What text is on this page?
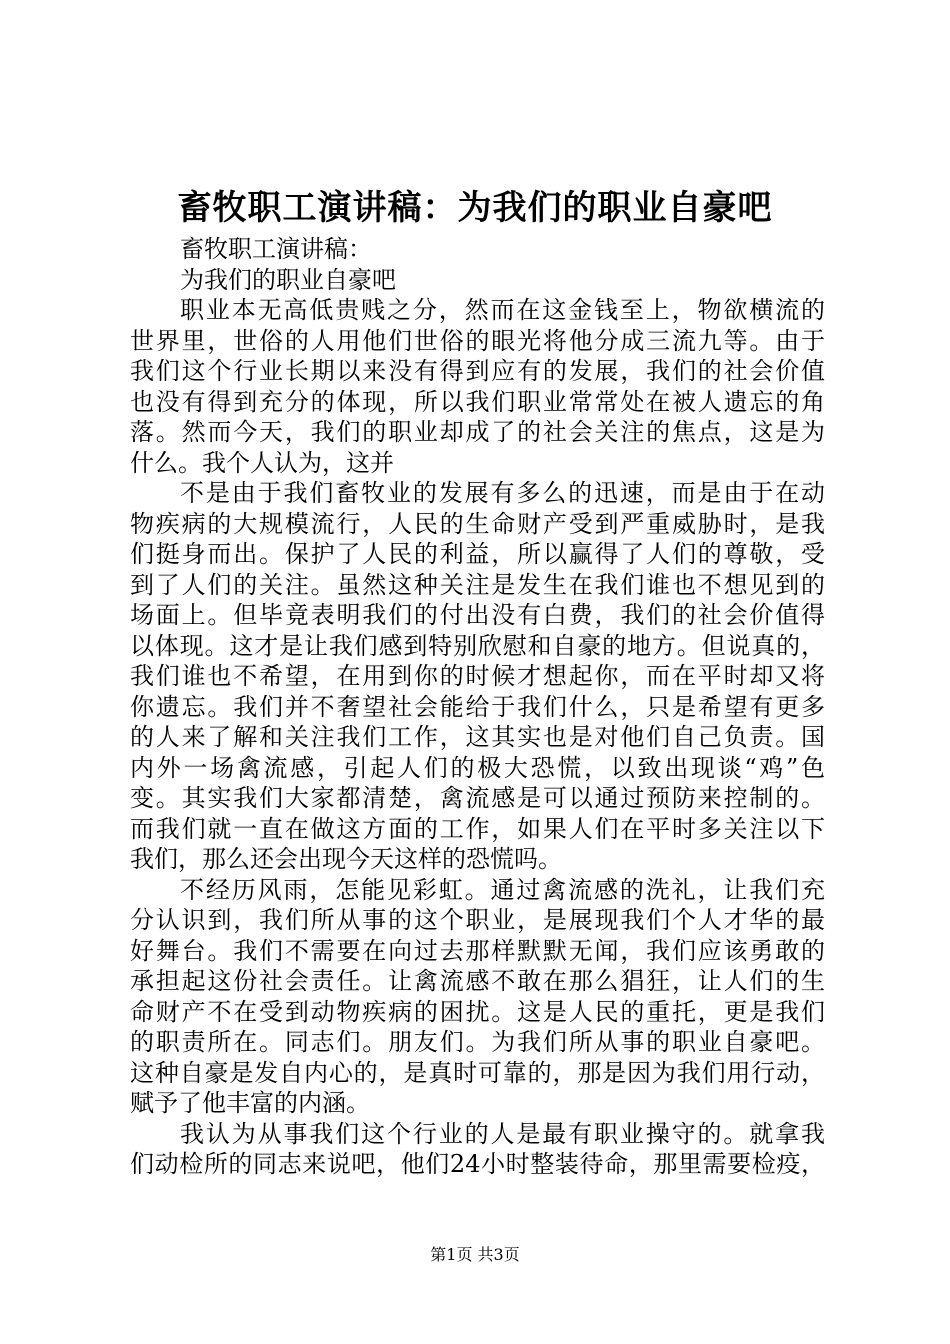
畜牧职工演讲稿：为我们的职业自豪吧
畜牧职工演讲稿：
为我们的职业自豪吧
职业本无高低贵贱之分，然而在这金钱至上，物欲横流的
世界里，世俗的人用他们世俗的眼光将他分成三流九等。由于
我们这个行业长期以来没有得到应有的发展，我们的社会价值
也没有得到充分的体现，所以我们职业常常处在被人遗忘的角
落。然而今天，我们的职业却成了的社会关注的焦点，这是为
什么。我个人认为，这并
不是由于我们畜牧业的发展有多么的迅速，而是由于在动
物疾病的大规模流行，人民的生命财产受到严重威胁时，是我
们挺身而出。保护了人民的利益，所以赢得了人们的尊敬，受
到了人们的关注。虽然这种关注是发生在我们谁也不想见到的
场面上。但毕竟表明我们的付出没有白费，我们的社会价值得
以体现。这才是让我们感到特别欣慰和自豪的地方。但说真的，
我们谁也不希望，在用到你的时候才想起你，而在平时却又将
你遗忘。我们并不奢望社会能给于我们什么，只是希望有更多
的人来了解和关注我们工作，这其实也是对他们自己负责。国
内外一场禽流感，引起人们的极大恐慌，以致出现谈“鸡”色
变。其实我们大家都清楚，禽流感是可以通过预防来控制的。
而我们就一直在做这方面的工作，如果人们在平时多关注以下
我们，那么还会出现今天这样的恐慌吗。
不经历风雨，怎能见彩虹。通过禽流感的洗礼，让我们充
分认识到，我们所从事的这个职业，是展现我们个人才华的最
好舞台。我们不需要在向过去那样默默无闻，我们应该勇敢的
承担起这份社会责任。让禽流感不敢在那么猖狂，让人们的生
命财产不在受到动物疾病的困扰。这是人民的重托，更是我们
的职责所在。同志们。朋友们。为我们所从事的职业自豪吧。
这种自豪是发自内心的，是真时可靠的，那是因为我们用行动，
赋予了他丰富的内涵。
我认为从事我们这个行业的人是最有职业操守的。就拿我
们动检所的同志来说吧，他们24小时整装待命，那里需要检疫，
第1页 共3页
